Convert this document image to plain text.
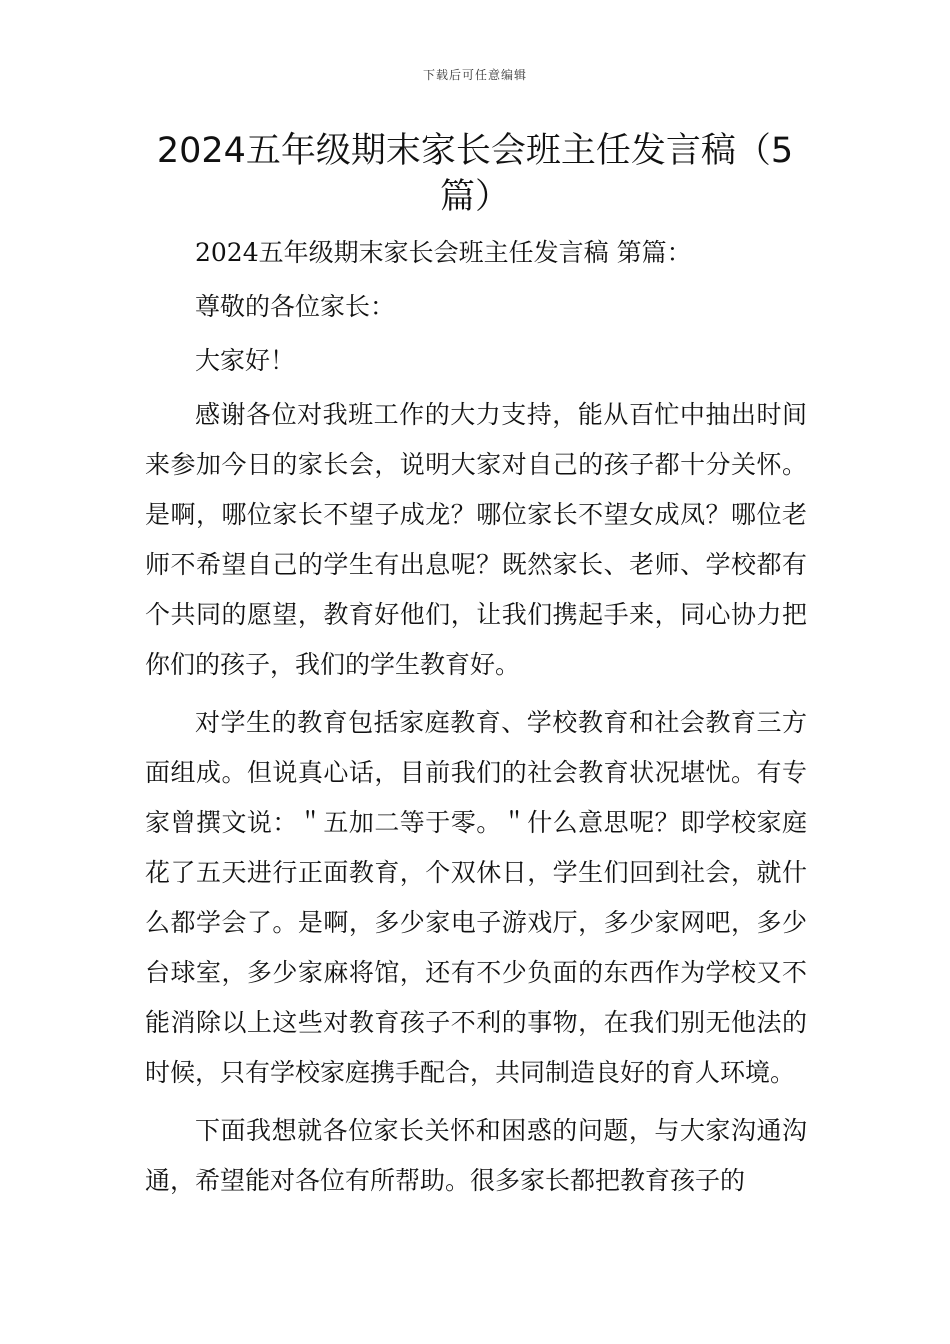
下载后可任意编辑
2024五年级期末家长会班主任发言稿（5篇）

2024五年级期末家长会班主任发言稿 第篇：

尊敬的各位家长：

大家好！

感谢各位对我班工作的大力支持，能从百忙中抽出时间来参加今日的家长会，说明大家对自己的孩子都十分关怀。是啊，哪位家长不望子成龙？哪位家长不望女成凤？哪位老师不希望自己的学生有出息呢？既然家长、老师、学校都有个共同的愿望，教育好他们，让我们携起手来，同心协力把你们的孩子，我们的学生教育好。

对学生的教育包括家庭教育、学校教育和社会教育三方面组成。但说真心话，目前我们的社会教育状况堪忧。有专家曾撰文说：＂五加二等于零。＂什么意思呢？即学校家庭花了五天进行正面教育，个双休日，学生们回到社会，就什么都学会了。是啊，多少家电子游戏厅，多少家网吧，多少台球室，多少家麻将馆，还有不少负面的东西作为学校又不能消除以上这些对教育孩子不利的事物，在我们别无他法的时候，只有学校家庭携手配合，共同制造良好的育人环境。

下面我想就各位家长关怀和困惑的问题，与大家沟通沟通，希望能对各位有所帮助。很多家长都把教育孩子的
